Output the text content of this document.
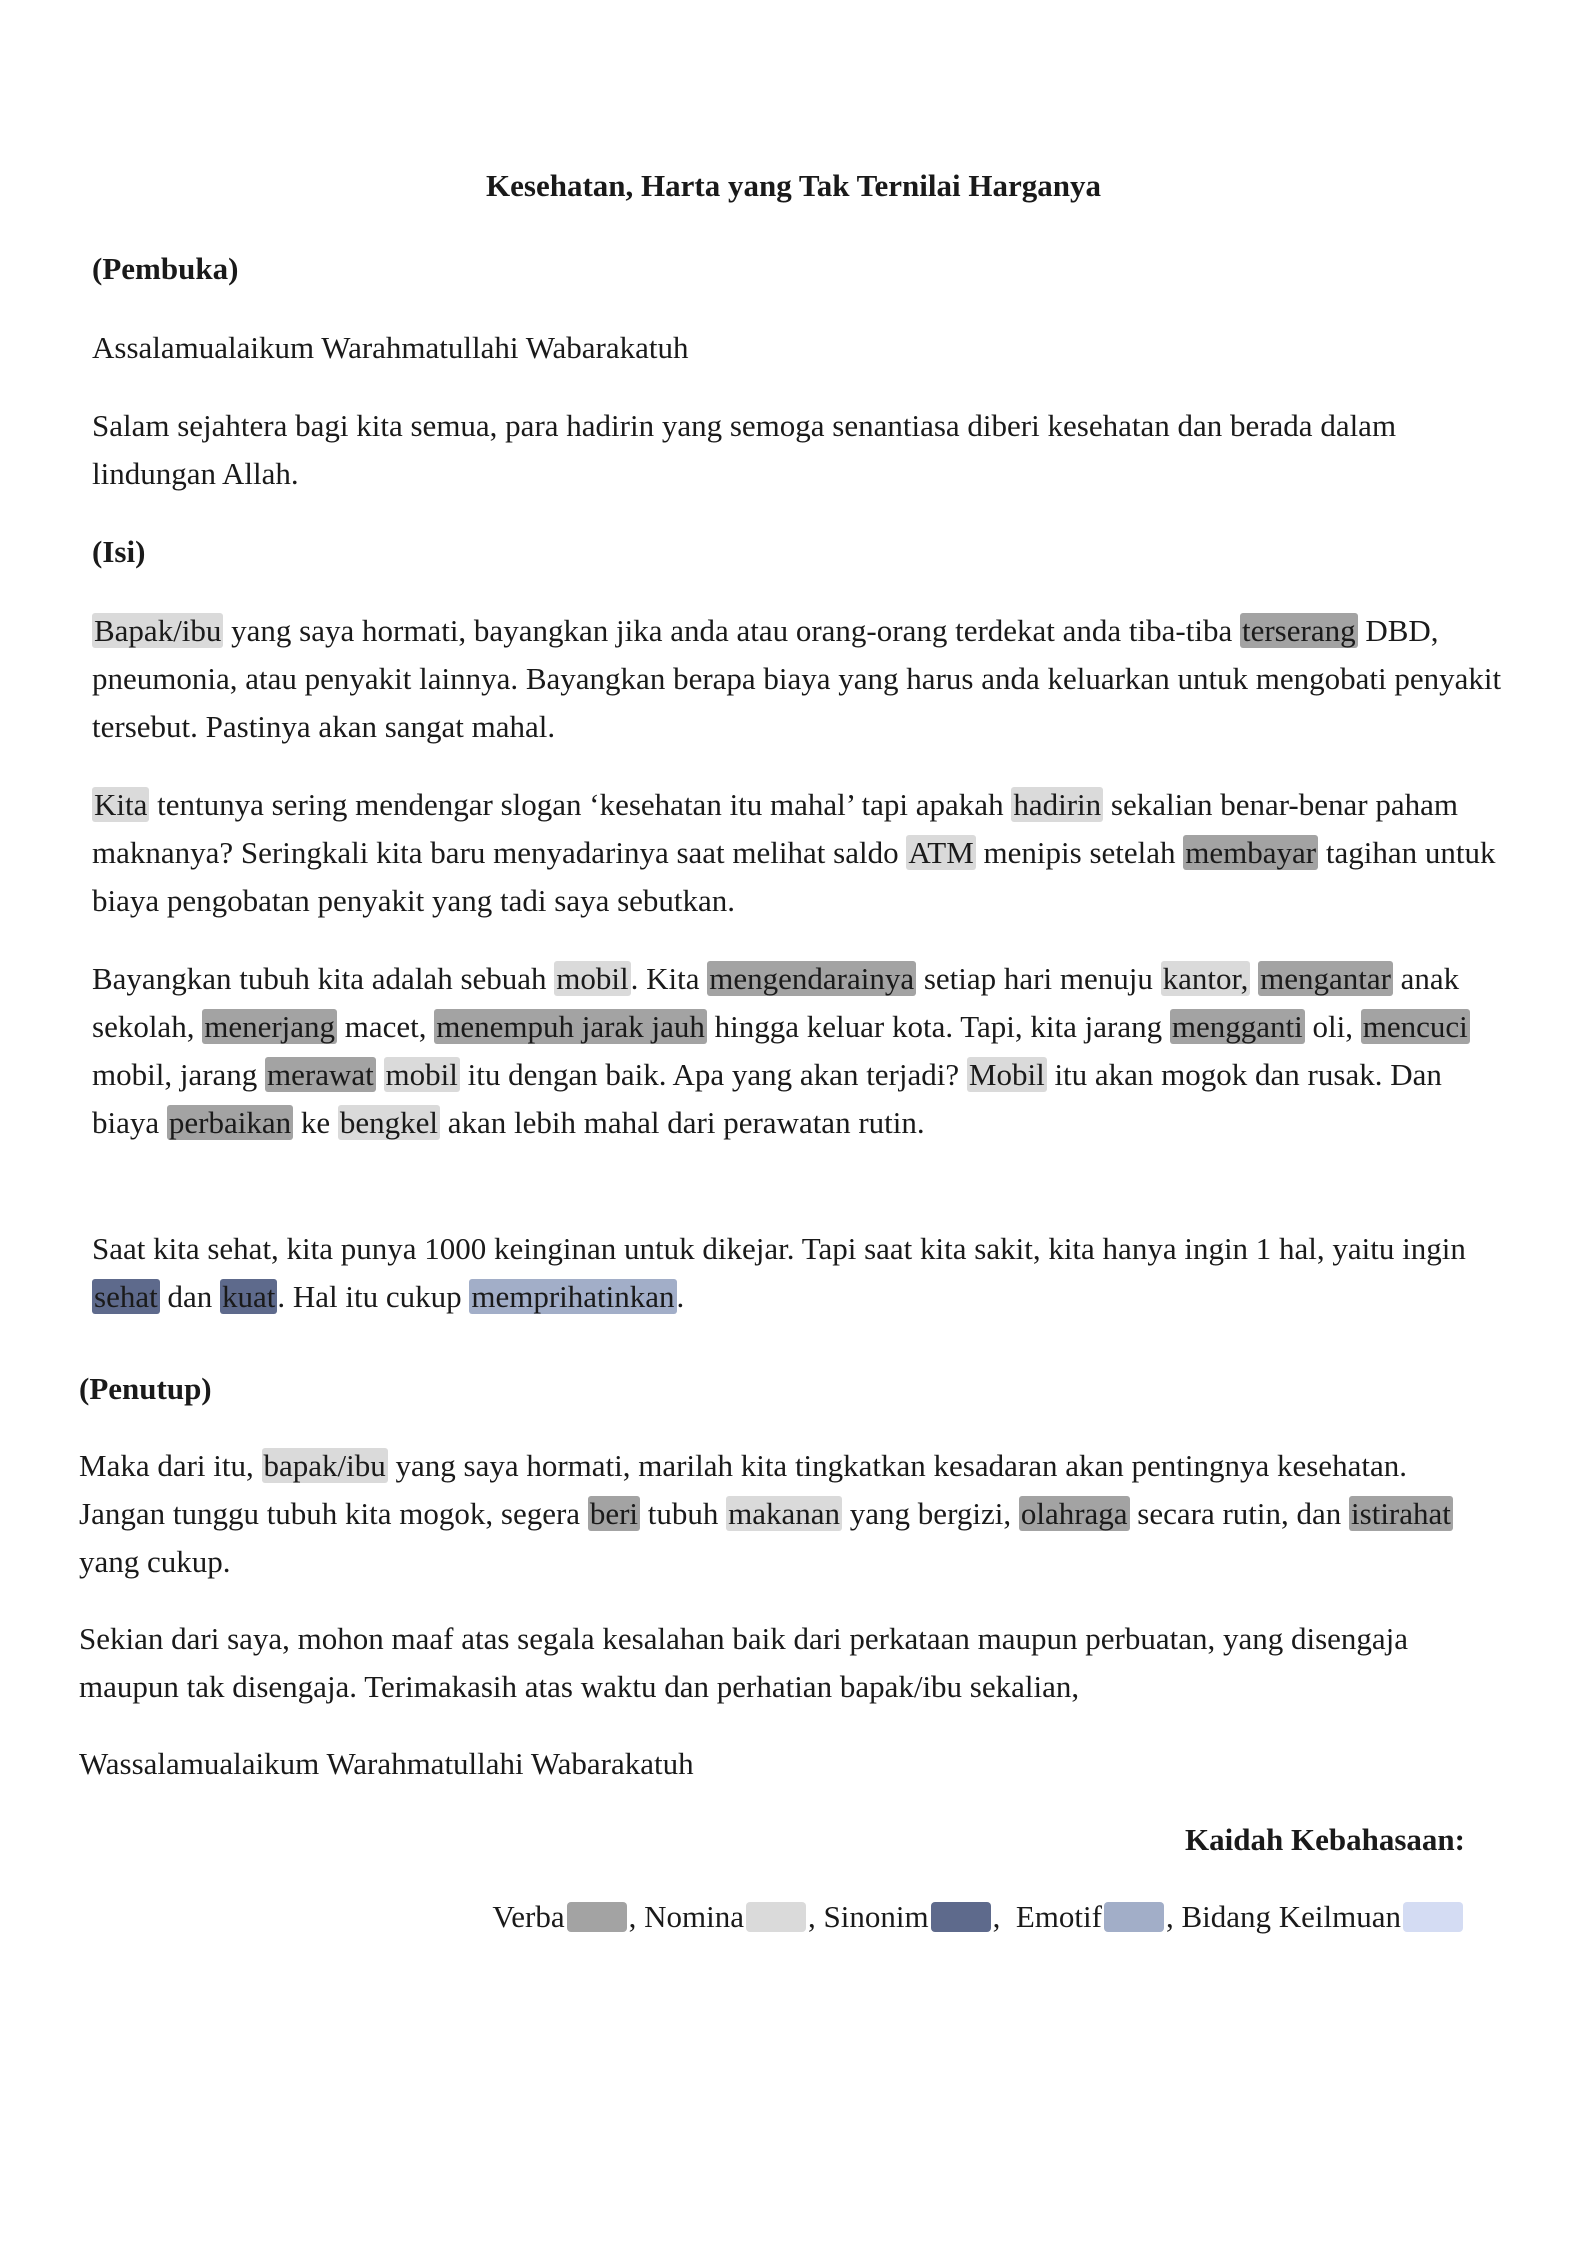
Kesehatan, Harta yang Tak Ternilai Harganya

(Pembuka)

Assalamualaikum Warahmatullahi Wabarakatuh

Salam sejahtera bagi kita semua, para hadirin yang semoga senantiasa diberi kesehatan dan berada dalam lindungan Allah.

(Isi)

Bapak/ibu yang saya hormati, bayangkan jika anda atau orang-orang terdekat anda tiba-tiba terserang DBD, pneumonia, atau penyakit lainnya. Bayangkan berapa biaya yang harus anda keluarkan untuk mengobati penyakit tersebut. Pastinya akan sangat mahal.

Kita tentunya sering mendengar slogan ‘kesehatan itu mahal’ tapi apakah hadirin sekalian benar-benar paham maknanya? Seringkali kita baru menyadarinya saat melihat saldo ATM menipis setelah membayar tagihan untuk biaya pengobatan penyakit yang tadi saya sebutkan.

Bayangkan tubuh kita adalah sebuah mobil. Kita mengendarainya setiap hari menuju kantor, mengantar anak sekolah, menerjang macet, menempuh jarak jauh hingga keluar kota. Tapi, kita jarang mengganti oli, mencuci mobil, jarang merawat mobil itu dengan baik. Apa yang akan terjadi? Mobil itu akan mogok dan rusak. Dan biaya perbaikan ke bengkel akan lebih mahal dari perawatan rutin.

Saat kita sehat, kita punya 1000 keinginan untuk dikejar. Tapi saat kita sakit, kita hanya ingin 1 hal, yaitu ingin sehat dan kuat. Hal itu cukup memprihatinkan.

(Penutup)

Maka dari itu, bapak/ibu yang saya hormati, marilah kita tingkatkan kesadaran akan pentingnya kesehatan. Jangan tunggu tubuh kita mogok, segera beri tubuh makanan yang bergizi, olahraga secara rutin, dan istirahat yang cukup.

Sekian dari saya, mohon maaf atas segala kesalahan baik dari perkataan maupun perbuatan, yang disengaja maupun tak disengaja. Terimakasih atas waktu dan perhatian bapak/ibu sekalian,

Wassalamualaikum Warahmatullahi Wabarakatuh

Kaidah Kebahasaan:
Verba , Nomina , Sinonim , Emotif , Bidang Keilmuan
